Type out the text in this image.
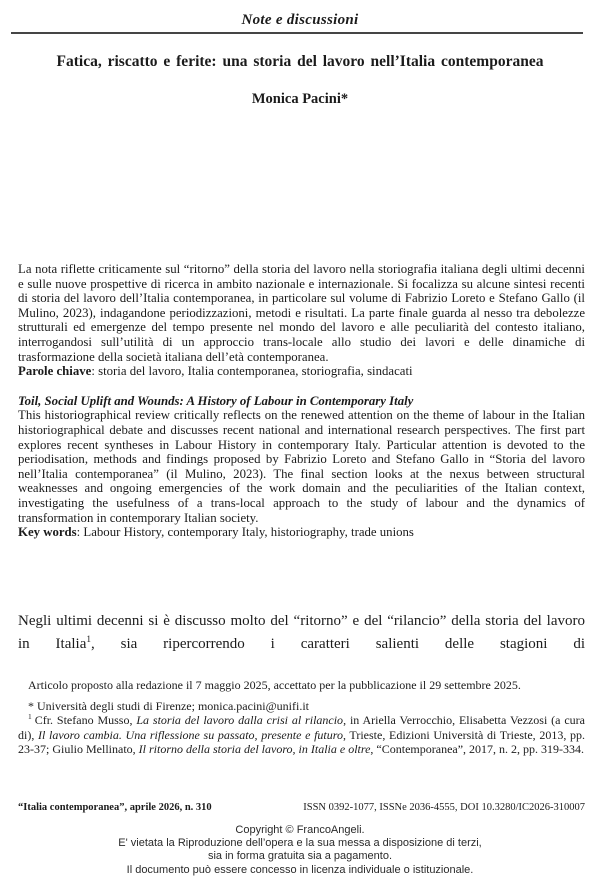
Note e discussioni
Fatica, riscatto e ferite: una storia del lavoro nell’Italia contemporanea
Monica Pacini*

La nota riflette criticamente sul “ritorno” della storia del lavoro nella storiografia italiana degli ultimi decenni e sulle nuove prospettive di ricerca in ambito nazionale e internazionale. Si focalizza su alcune sintesi recenti di storia del lavoro dell’Italia contemporanea, in particolare sul volume di Fabrizio Loreto e Stefano Gallo (il Mulino, 2023), indagandone periodizzazioni, metodi e risultati. La parte finale guarda al nesso tra debolezze strutturali ed emergenze del tempo presente nel mondo del lavoro e alle peculiarità del contesto italiano, interrogandosi sull’utilità di un approccio trans-locale allo studio dei lavori e delle dinamiche di trasformazione della società italiana dell’età contemporanea.

Parole chiave: storia del lavoro, Italia contemporanea, storiografia, sindacati

Toil, Social Uplift and Wounds: A History of Labour in Contemporary Italy

This historiographical review critically reflects on the renewed attention on the theme of labour in the Italian historiographical debate and discusses recent national and international research perspectives. The first part explores recent syntheses in Labour History in contemporary Italy. Particular attention is devoted to the periodisation, methods and findings proposed by Fabrizio Loreto and Stefano Gallo in “Storia del lavoro nell’Italia contemporanea” (il Mulino, 2023). The final section looks at the nexus between structural weaknesses and ongoing emergencies of the work domain and the peculiarities of the Italian context, investigating the usefulness of a trans-local approach to the study of labour and the dynamics of transformation in contemporary Italian society.

Key words: Labour History, contemporary Italy, historiography, trade unions

Negli ultimi decenni si è discusso molto del “ritorno” e del “rilancio” della storia del lavoro in Italia$^1$, sia ripercorrendo i caratteri salienti delle stagioni di

Articolo proposto alla redazione il 7 maggio 2025, accettato per la pubblicazione il 29 settembre 2025.

* Università degli studi di Firenze; monica.pacini@unifi.it

$^1$ Cfr. Stefano Musso, La storia del lavoro dalla crisi al rilancio, in Ariella Verrocchio, Elisabetta Vezzosi (a cura di), Il lavoro cambia. Una riflessione su passato, presente e futuro, Trieste, Edizioni Università di Trieste, 2013, pp. 23-37; Giulio Mellinato, Il ritorno della storia del lavoro, in Italia e oltre, “Contemporanea”, 2017, n. 2, pp. 319-334.

“Italia contemporanea”, aprile 2026, n. 310	ISSN 0392-1077, ISSNe 2036-4555, DOI 10.3280/IC2026-310007
Copyright © FrancoAngeli.
E' vietata la Riproduzione dell’opera e la sua messa a disposizione di terzi,
sia in forma gratuita sia a pagamento.
Il documento può essere concesso in licenza individuale o istituzionale.
